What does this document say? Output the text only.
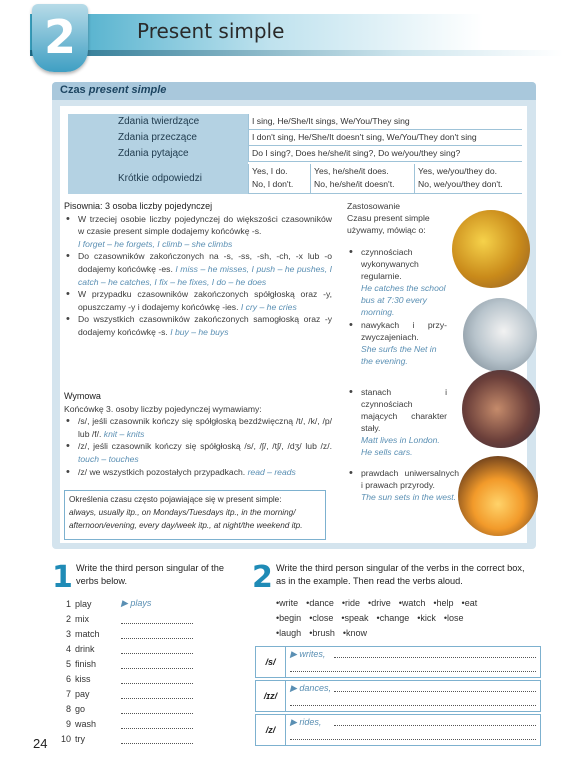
2	Present simple
Czas present simple
Zdania twierdzące
Zdania przeczące
Zdania pytające
I sing, He/She/It sings, We/You/They sing
I don't sing, He/She/It doesn't sing, We/You/They don't sing
Do I sing?, Does he/she/it sing?, Do we/you/they sing?
Krótkie odpowiedzi
Yes, I do.
No, I don't.
Yes, he/she/it does.
No, he/she/it doesn't.
Yes, we/you/they do.
No, we/you/they don't.
Pisownia: 3 osoba liczby pojedynczej
• W trzeciej osobie liczby pojedynczej do większości czasowników w czasie present simple dodajemy końcówkę -s.
I forget – he forgets, I climb – she climbs
• Do czasowników zakończonych na -s, -ss, -sh, -ch, -x lub -o dodajemy końcówkę -es. I miss – he misses, I push – he pushes, I catch – he catches, I fix – he fixes, I do – he does
• W przypadku czasowników zakończonych spółgłoską oraz -y, opuszczamy -y i dodajemy końcówkę -ies. I cry – he cries
• Do wszystkich czasowników zakończonych samogłoską oraz -y dodajemy końcówkę -s. I buy – he buys
Wymowa
Końcówkę 3. osoby liczby pojedynczej wymawiamy:
• /s/, jeśli czasownik kończy się spółgłoską bezdźwięczną /t/, /k/, /p/ lub /f/. knit – knits
• /z/, jeśli czasownik kończy się spółgłoską /s/, /ʃ/, /tʃ/, /dʒ/ lub /z/. touch – touches
• /z/ we wszystkich pozostałych przypadkach. read – reads
Określenia czasu często pojawiające się w present simple:
always, usually itp., on Mondays/Tuesdays itp., in the morning/ afternoon/evening, every day/week itp., at night/the weekend itp.
Zastosowanie
Czasu present simple używamy, mówiąc o:
• czynnościach wykonywanych regularnie.
He catches the school bus at 7:30 every morning.
• nawykach i przy- zwyczajeniach.
She surfs the Net in the evening.
• stanach i czynnościach mających charakter stały.
Matt lives in London. He sells cars.
• prawdach uniwersalnych i prawach przyrody.
The sun sets in the west.
1 Write the third person singular of the verbs below.
1 play	▶ plays
2 mix
3 match
4 drink
5 finish
6 kiss
7 pay
8 go
9 wash
10 try
2 Write the third person singular of the verbs in the correct box, as in the example. Then read the verbs aloud.
• write • dance • ride • drive • watch • help • eat
• begin • close • speak • change • kick • lose
• laugh • brush • know
/s/
▶ writes,
/ɪz/
▶ dances,
/z/
▶ rides,
24
